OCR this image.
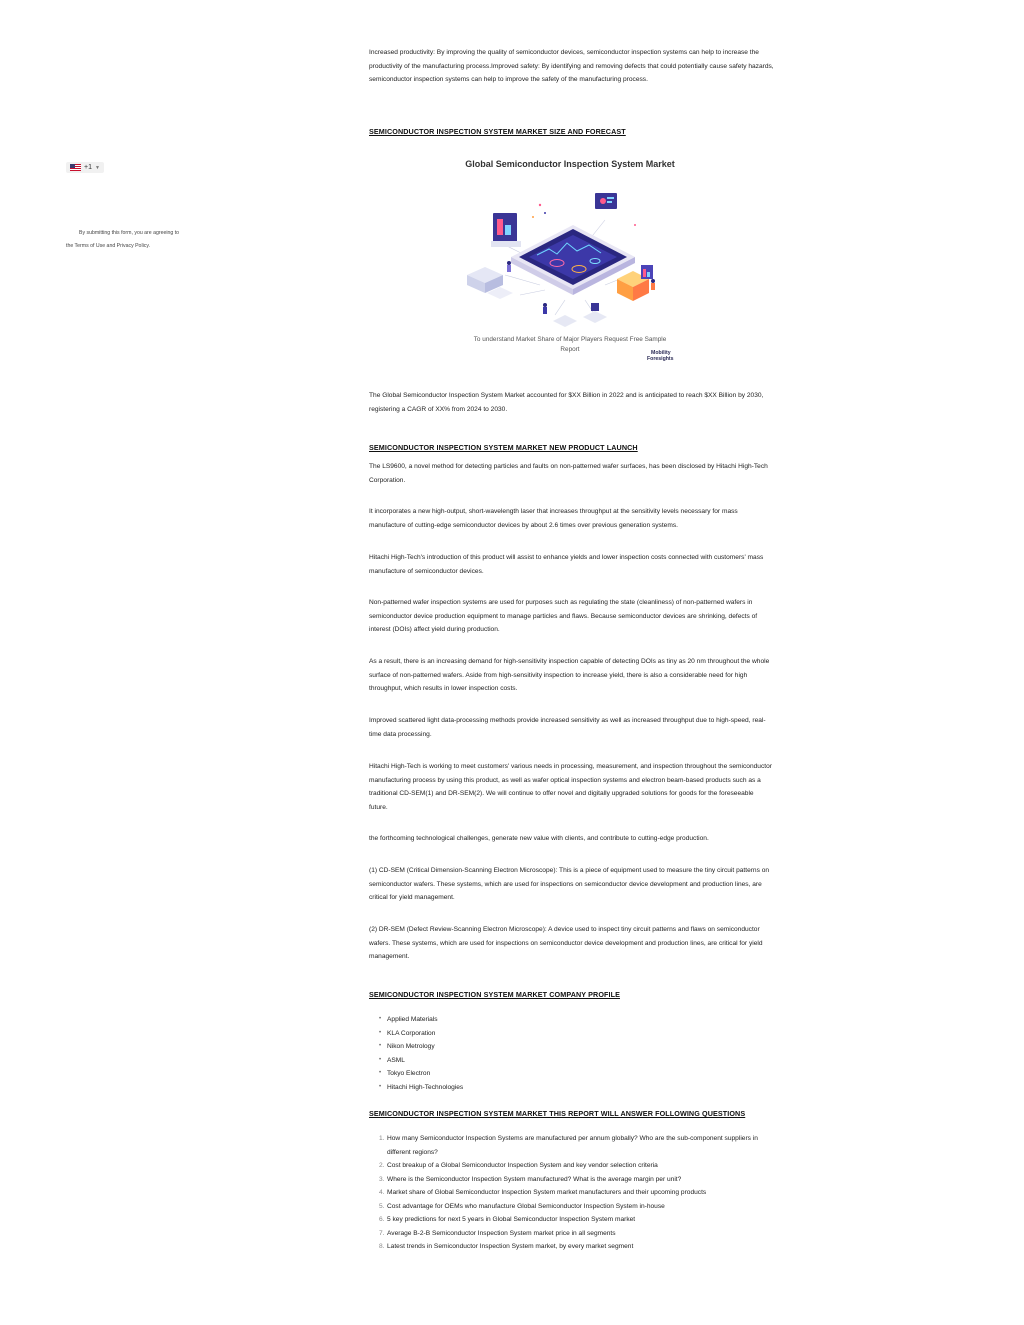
+1 ▼
By submitting this form, you are agreeing to
the Terms of Use and Privacy Policy.

Increased productivity: By improving the quality of semiconductor devices, semiconductor inspection systems can help to increase the productivity of the manufacturing process.Improved safety: By identifying and removing defects that could potentially cause safety hazards, semiconductor inspection systems can help to improve the safety of the manufacturing process.

SEMICONDUCTOR INSPECTION SYSTEM MARKET SIZE AND FORECAST
Global Semiconductor Inspection System Market
To understand Market Share of Major Players Request Free Sample Report	Mobility
Foresights

The Global Semiconductor Inspection System Market accounted for $XX Billion in 2022 and is anticipated to reach $XX Billion by 2030, registering a CAGR of XX% from 2024 to 2030.

SEMICONDUCTOR INSPECTION SYSTEM MARKET NEW PRODUCT LAUNCH

The LS9600, a novel method for detecting particles and faults on non-patterned wafer surfaces, has been disclosed by Hitachi High-Tech Corporation.

It incorporates a new high-output, short-wavelength laser that increases throughput at the sensitivity levels necessary for mass manufacture of cutting-edge semiconductor devices by about 2.6 times over previous generation systems.

Hitachi High-Tech's introduction of this product will assist to enhance yields and lower inspection costs connected with customers' mass manufacture of semiconductor devices.

Non-patterned wafer inspection systems are used for purposes such as regulating the state (cleanliness) of non-patterned wafers in semiconductor device production equipment to manage particles and flaws. Because semiconductor devices are shrinking, defects of interest (DOIs) affect yield during production.

As a result, there is an increasing demand for high-sensitivity inspection capable of detecting DOIs as tiny as 20 nm throughout the whole surface of non-patterned wafers. Aside from high-sensitivity inspection to increase yield, there is also a considerable need for high throughput, which results in lower inspection costs.

Improved scattered light data-processing methods provide increased sensitivity as well as increased throughput due to high-speed, real-time data processing.

Hitachi High-Tech is working to meet customers' various needs in processing, measurement, and inspection throughout the semiconductor manufacturing process by using this product, as well as wafer optical inspection systems and electron beam-based products such as a traditional CD-SEM(1) and DR-SEM(2). We will continue to offer novel and digitally upgraded solutions for goods for the foreseeable future.

the forthcoming technological challenges, generate new value with clients, and contribute to cutting-edge production.

(1) CD-SEM (Critical Dimension-Scanning Electron Microscope): This is a piece of equipment used to measure the tiny circuit patterns on semiconductor wafers. These systems, which are used for inspections on semiconductor device development and production lines, are critical for yield management.

(2) DR-SEM (Defect Review-Scanning Electron Microscope): A device used to inspect tiny circuit patterns and flaws on semiconductor wafers. These systems, which are used for inspections on semiconductor device development and production lines, are critical for yield management.

SEMICONDUCTOR INSPECTION SYSTEM MARKET COMPANY PROFILE
• Applied Materials
• KLA Corporation
• Nikon Metrology
• ASML
• Tokyo Electron
• Hitachi High-Technologies
SEMICONDUCTOR INSPECTION SYSTEM MARKET THIS REPORT WILL ANSWER FOLLOWING QUESTIONS
1. How many Semiconductor Inspection Systems are manufactured per annum globally? Who are the sub-component suppliers in different regions?
2. Cost breakup of a Global Semiconductor Inspection System and key vendor selection criteria
3. Where is the Semiconductor Inspection System manufactured? What is the average margin per unit?
4. Market share of Global Semiconductor Inspection System market manufacturers and their upcoming products
5. Cost advantage for OEMs who manufacture Global Semiconductor Inspection System in-house
6. 5 key predictions for next 5 years in Global Semiconductor Inspection System market
7. Average B-2-B Semiconductor Inspection System market price in all segments
8. Latest trends in Semiconductor Inspection System market, by every market segment
